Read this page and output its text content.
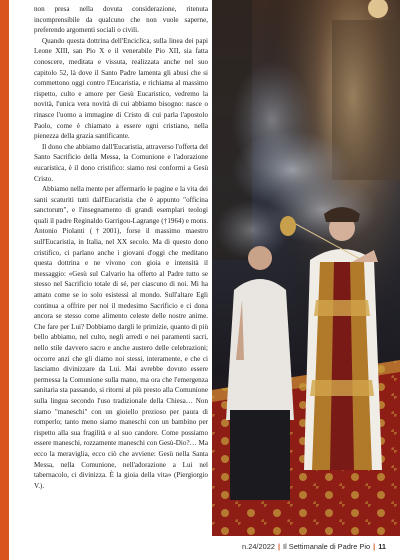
non presa nella dovuta considerazione, ritenuta incomprensibile da qualcuno che non vuole saperne, preferendo argomenti sociali o civili.

Quando questa dottrina dell'Enciclica, sulla linea dei papi Leone XIII, san Pio X e il venerabile Pio XII, sia fatta conoscere, meditata e vissuta, realizzata anche nel suo capitolo 52, là dove il Santo Padre lamenta gli abusi che si commettono oggi contro l'Eucaristia, e richiama al massimo rispetto, culto e amore per Gesù Eucaristico, vedremo la novità, l'unica vera novità di cui abbiamo bisogno: nasce o rinasce l'uomo a immagine di Cristo di cui parla l'apostolo Paolo, come è chiamato a essere ogni cristiano, nella pienezza della grazia santificante.

Il dono che abbiamo dall'Eucaristia, attraverso l'offerta del Santo Sacrificio della Messa, la Comunione e l'adorazione eucaristica, è il dono cristifico: siamo resi conformi a Gesù Cristo.

Abbiamo nella mente per affermarlo le pagine e la vita dei santi scaturiti tutti dall'Eucaristia che è appunto "officina sanctorum", e l'insegnamento di grandi esemplari teologi quali il padre Reginaldo Garrigou-Lagrange (†1964) e mons. Antonio Piolanti (†2001), forse il massimo maestro sull'Eucaristia, in Italia, nel XX secolo. Ma di questo dono cristifico, ci parlano anche i giovani d'oggi che meditano questa dottrina e ne vivono con gioia e intensità il messaggio: «Gesù sul Calvario ha offerto al Padre tutto se stesso nel Sacrificio totale di sé, per ciascuno di noi. Mi ha amato come se io solo esistessi al mondo. Sull'altare Egli continua a offrire per noi il medesimo Sacrificio e ci dona ancora se stesso come alimento celeste delle nostre anime. Che fare per Lui? Dobbiamo dargli le primizie, quanto di più bello abbiamo, nel culto, negli arredi e nei paramenti sacri, nello stile davvero sacro e anche austero delle celebrazioni; occorre anzi che gli diamo noi stessi, interamente, e che ci lasciamo divinizzare da Lui. Mai avrebbe dovuto essere permessa la Comunione sulla mano, ma ora che l'emergenza sanitaria sta passando, si ritorni al più presto alla Comunione sulla lingua secondo l'uso tradizionale della Chiesa… Non siamo "maneschi" con un gioiello prezioso per paura di romperlo; tanto meno siamo maneschi con un bambino per rispetto alla sua fragilità e al suo candore. Come possiamo essere maneschi, rozzamente maneschi con Gesù-Dio?… Ma ecco la meraviglia, ecco ciò che avviene: Gesù nella Santa Messa, nella Comunione, nell'adorazione a Lui nel tabernacolo, ci divinizza. È la gioia della vita» (Piergiorgio V.).

n.24/2022 | Il Settimanale di Padre Pio | 11
